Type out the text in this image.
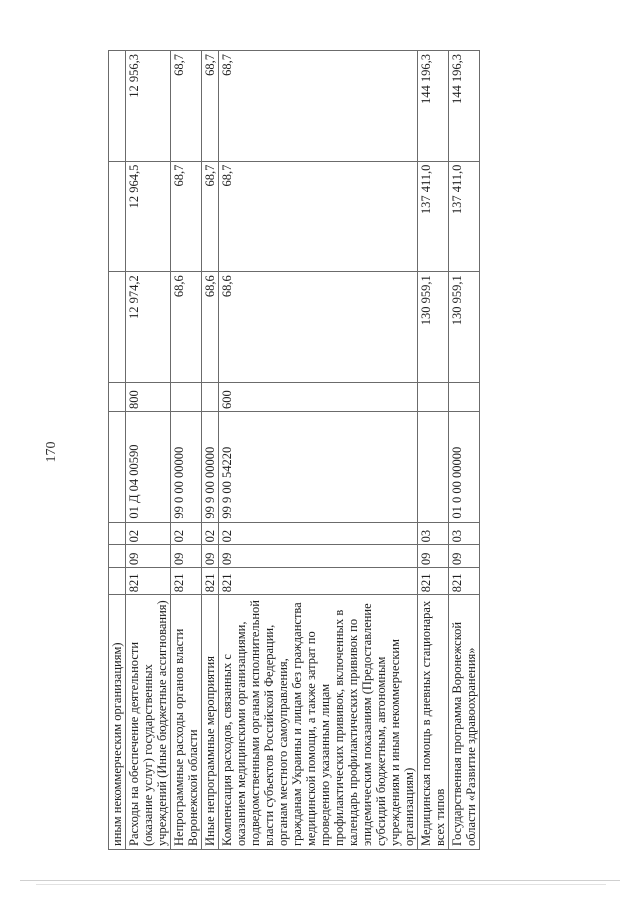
170
иным некоммерческим организациям)								
Расходы на обеспечение деятельности (оказание услуг) государственных учреждений (Иные бюджетные ассигнования)	821	09	02	01 Д 04 00590	800	12 974,2	12 964,5	12 956,3
Непрограммные расходы органов власти Воронежской области	821	09	02	99 0 00 00000		68,6	68,7	68,7
Иные непрограммные мероприятия	821	09	02	99 9 00 00000		68,6	68,7	68,7
Компенсация расходов, связанных с оказанием медицинскими организациями, подведомственными органам исполнительной власти субъектов Российской Федерации, органам местного самоуправления, гражданам Украины и лицам без гражданства медицинской помощи, а также затрат по проведению указанным лицам профилактических прививок, включенных в календарь профилактических прививок по эпидемическим показаниям (Предоставление субсидий бюджетным, автономным учреждениям и иным некоммерческим организациям)	821	09	02	99 9 00 54220	600	68,6	68,7	68,7
Медицинская помощь в дневных стационарах всех типов	821	09	03			130 959,1	137 411,0	144 196,3
Государственная программа Воронежской области «Развитие здравоохранения»	821	09	03	01 0 00 00000		130 959,1	137 411,0	144 196,3
